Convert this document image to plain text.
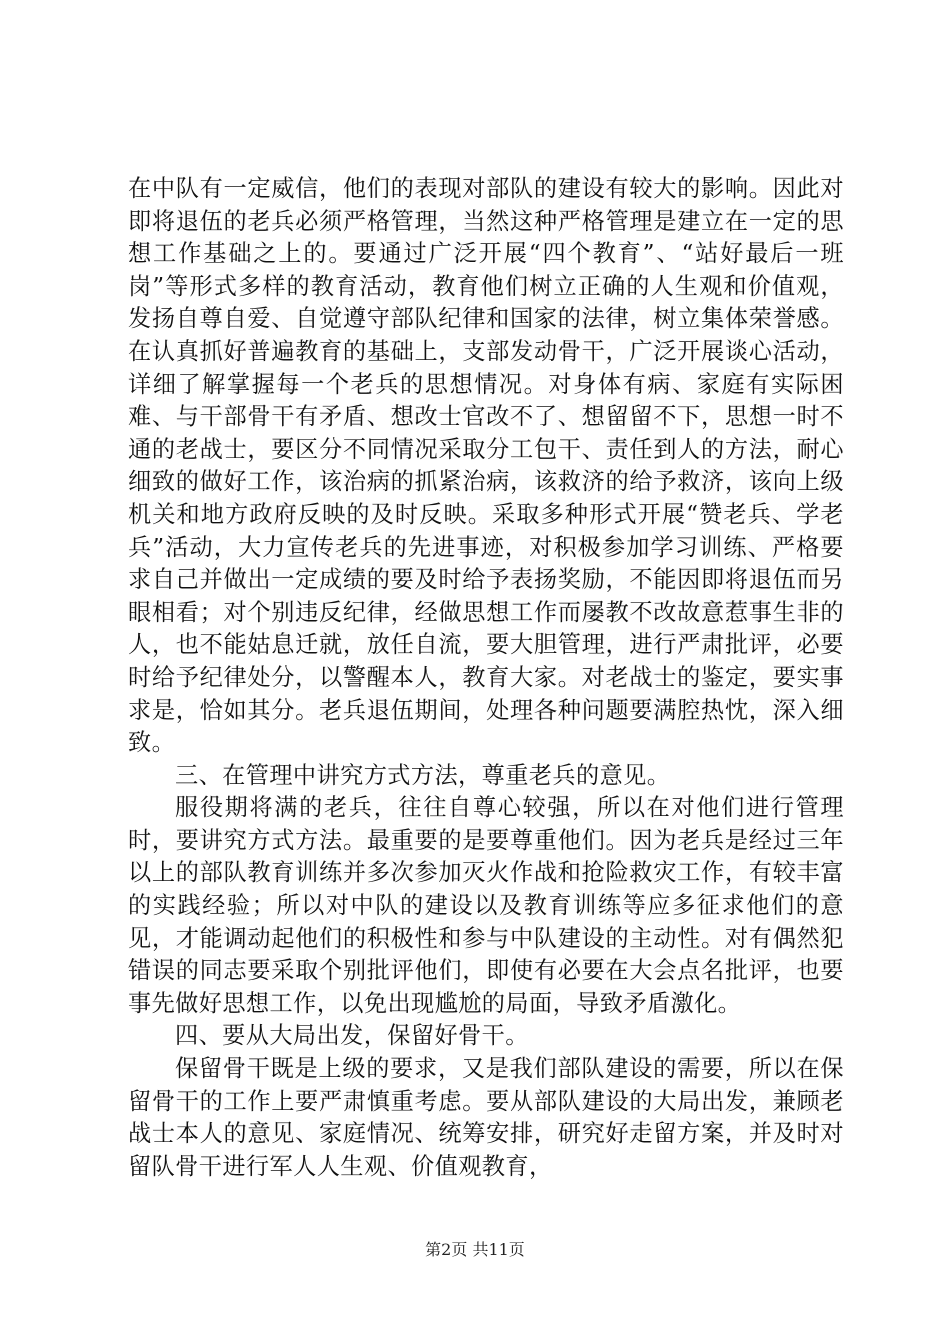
在中队有一定威信，他们的表现对部队的建设有较大的影响。因此对即将退伍的老兵必须严格管理，当然这种严格管理是建立在一定的思想工作基础之上的。要通过广泛开展“四个教育”、“站好最后一班岗”等形式多样的教育活动，教育他们树立正确的人生观和价值观，发扬自尊自爱、自觉遵守部队纪律和国家的法律，树立集体荣誉感。在认真抓好普遍教育的基础上，支部发动骨干，广泛开展谈心活动，详细了解掌握每一个老兵的思想情况。对身体有病、家庭有实际困难、与干部骨干有矛盾、想改士官改不了、想留留不下，思想一时不通的老战士，要区分不同情况采取分工包干、责任到人的方法，耐心细致的做好工作，该治病的抓紧治病，该救济的给予救济，该向上级机关和地方政府反映的及时反映。采取多种形式开展“赞老兵、学老兵”活动，大力宣传老兵的先进事迹，对积极参加学习训练、严格要求自己并做出一定成绩的要及时给予表扬奖励，不能因即将退伍而另眼相看；对个别违反纪律，经做思想工作而屡教不改故意惹事生非的人，也不能姑息迁就，放任自流，要大胆管理，进行严肃批评，必要时给予纪律处分，以警醒本人，教育大家。对老战士的鉴定，要实事求是，恰如其分。老兵退伍期间，处理各种问题要满腔热忱，深入细致。

三、在管理中讲究方式方法，尊重老兵的意见。

服役期将满的老兵，往往自尊心较强，所以在对他们进行管理时，要讲究方式方法。最重要的是要尊重他们。因为老兵是经过三年以上的部队教育训练并多次参加灭火作战和抢险救灾工作，有较丰富的实践经验；所以对中队的建设以及教育训练等应多征求他们的意见，才能调动起他们的积极性和参与中队建设的主动性。对有偶然犯错误的同志要采取个别批评他们，即使有必要在大会点名批评，也要事先做好思想工作，以免出现尴尬的局面，导致矛盾激化。

四、要从大局出发，保留好骨干。

保留骨干既是上级的要求，又是我们部队建设的需要，所以在保留骨干的工作上要严肃慎重考虑。要从部队建设的大局出发，兼顾老战士本人的意见、家庭情况、统筹安排，研究好走留方案，并及时对留队骨干进行军人人生观、价值观教育，

第2页 共11页
